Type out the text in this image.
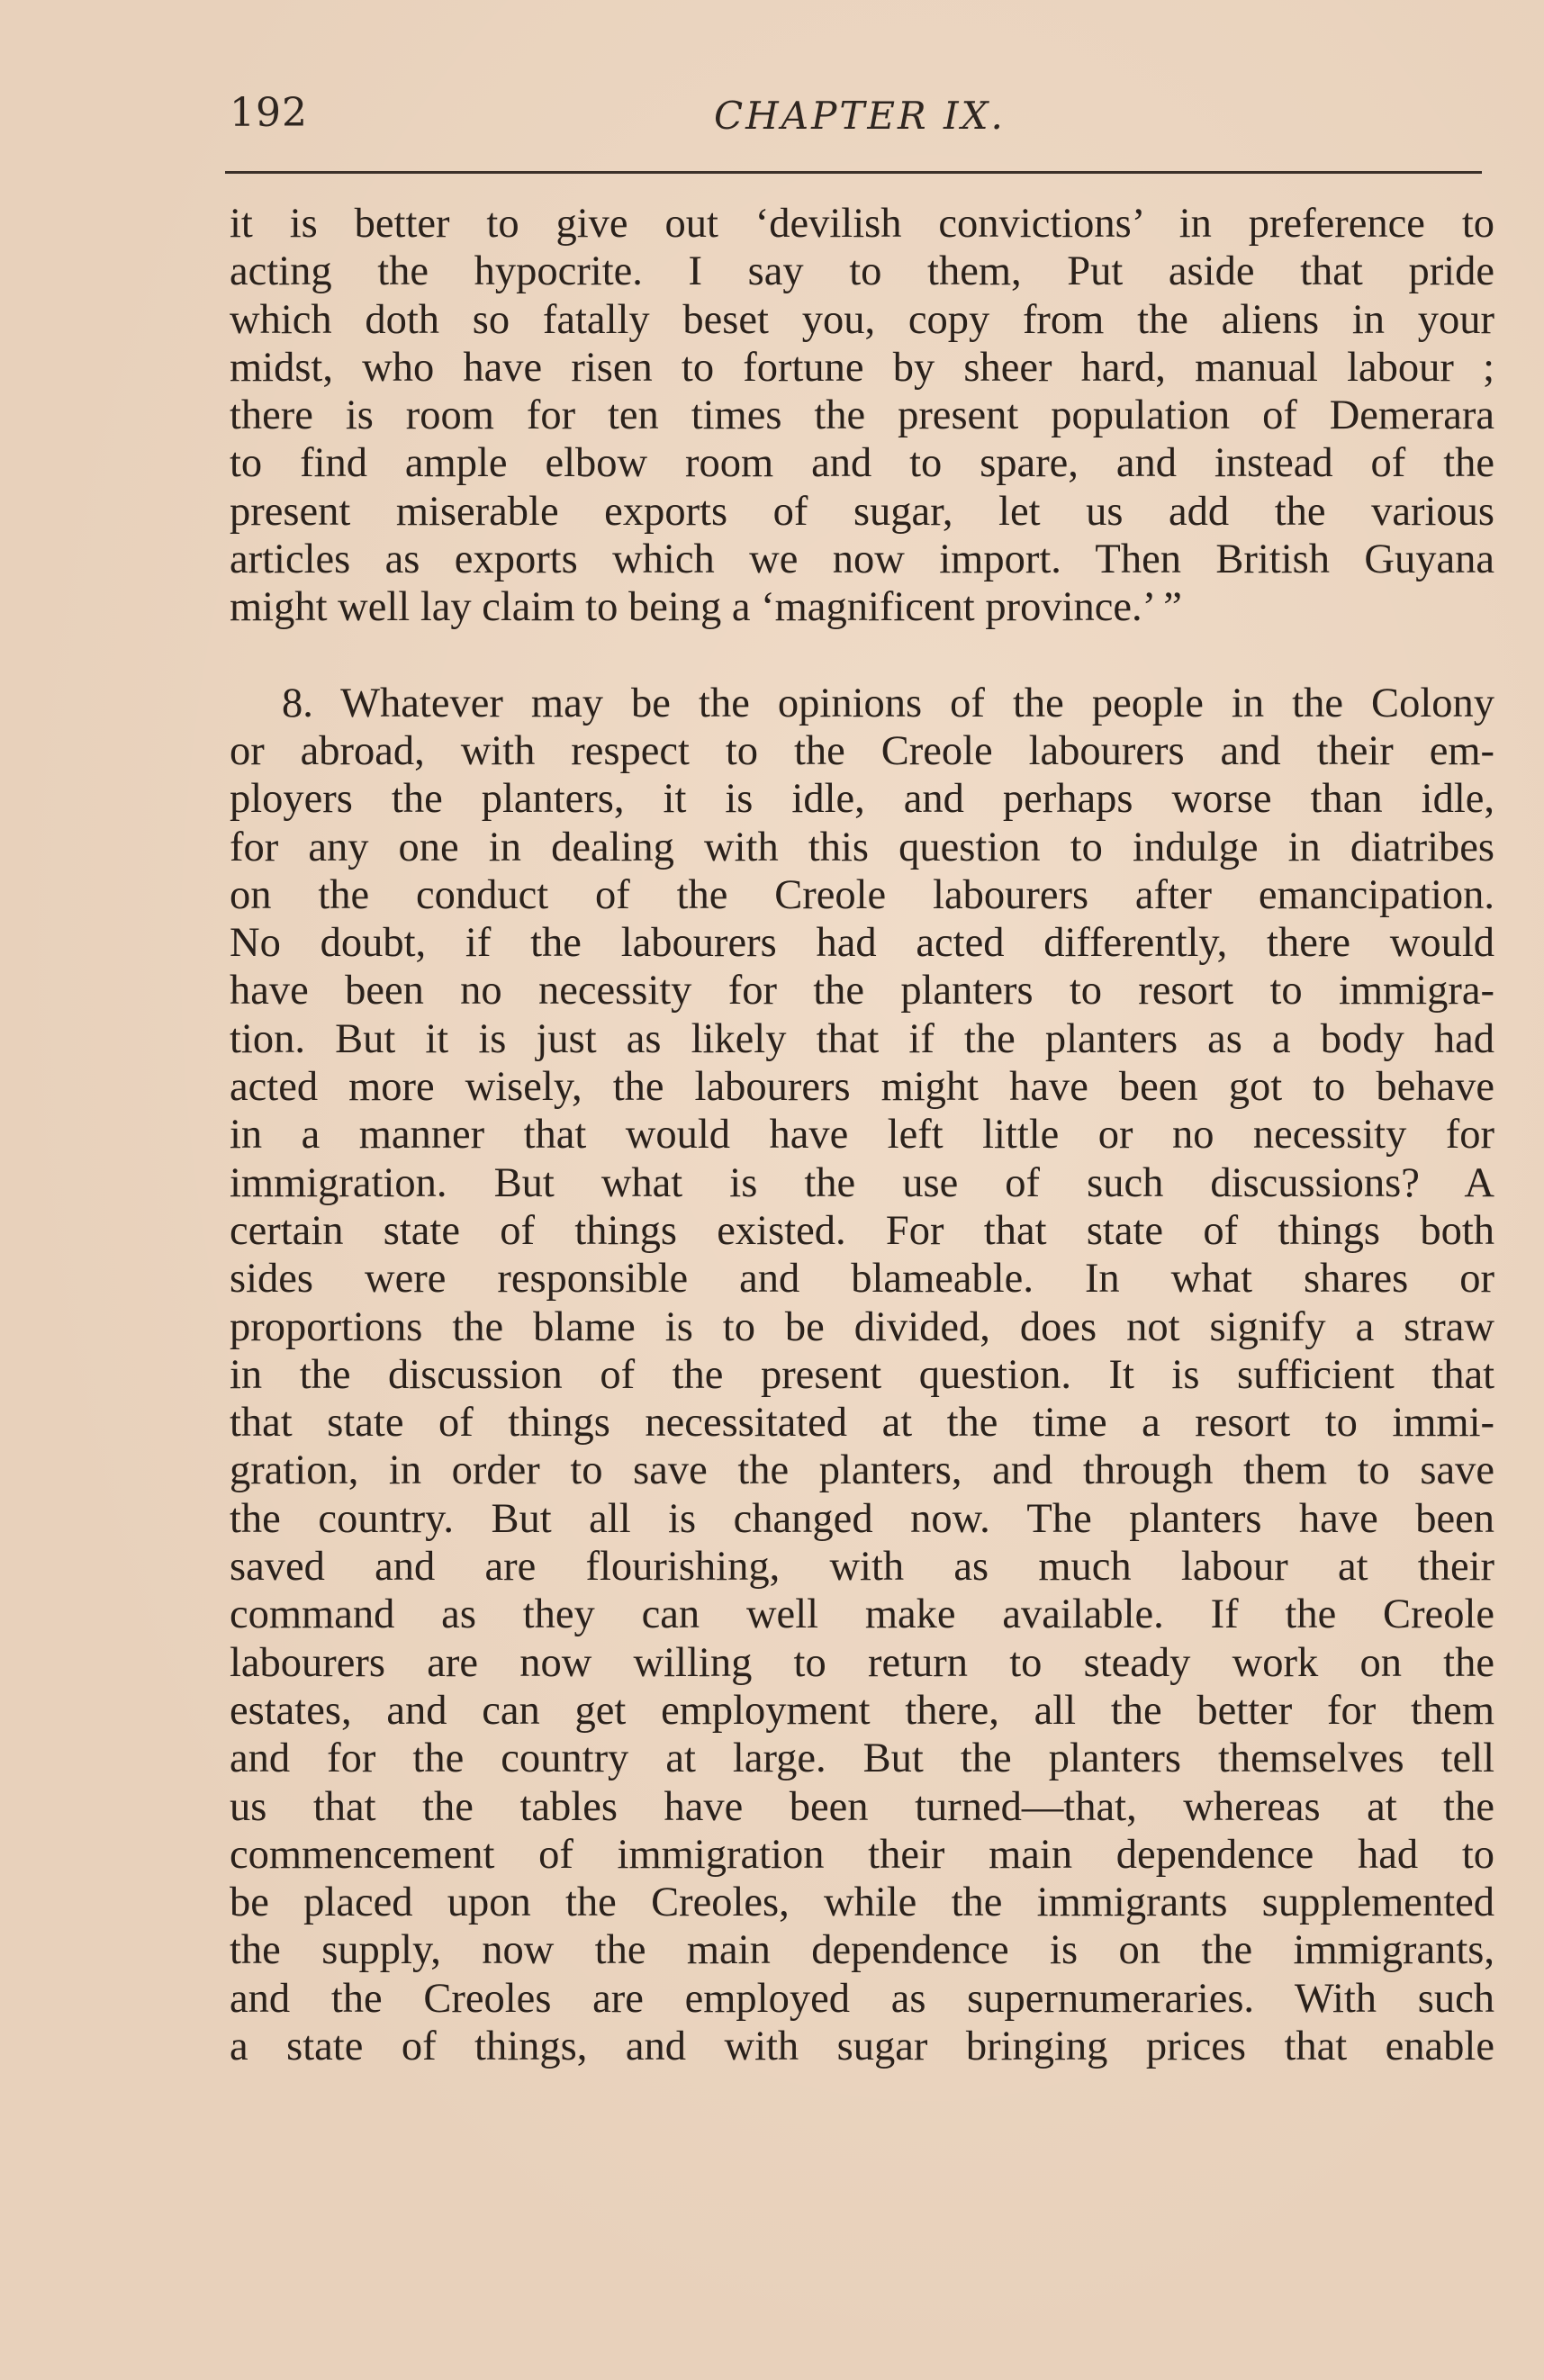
192	CHAPTER IX.
it is better to give out ‘devilish convictions’ in preference to
acting the hypocrite. I say to them, Put aside that pride
which doth so fatally beset you, copy from the aliens in your
midst, who have risen to fortune by sheer hard, manual labour ;
there is room for ten times the present population of Demerara
to find ample elbow room and to spare, and instead of the
present miserable exports of sugar, let us add the various
articles as exports which we now import. Then British Guyana
might well lay claim to being a ‘magnificent province.’ ”
8. Whatever may be the opinions of the people in the Colony
or abroad, with respect to the Creole labourers and their em-
ployers the planters, it is idle, and perhaps worse than idle,
for any one in dealing with this question to indulge in diatribes
on the conduct of the Creole labourers after emancipation.
No doubt, if the labourers had acted differently, there would
have been no necessity for the planters to resort to immigra-
tion. But it is just as likely that if the planters as a body had
acted more wisely, the labourers might have been got to behave
in a manner that would have left little or no necessity for
immigration. But what is the use of such discussions? A
certain state of things existed. For that state of things both
sides were responsible and blameable. In what shares or
proportions the blame is to be divided, does not signify a straw
in the discussion of the present question. It is sufficient that
that state of things necessitated at the time a resort to immi-
gration, in order to save the planters, and through them to save
the country. But all is changed now. The planters have been
saved and are flourishing, with as much labour at their
command as they can well make available. If the Creole
labourers are now willing to return to steady work on the
estates, and can get employment there, all the better for them
and for the country at large. But the planters themselves tell
us that the tables have been turned—that, whereas at the
commencement of immigration their main dependence had to
be placed upon the Creoles, while the immigrants supplemented
the supply, now the main dependence is on the immigrants,
and the Creoles are employed as supernumeraries. With such
a state of things, and with sugar bringing prices that enable
